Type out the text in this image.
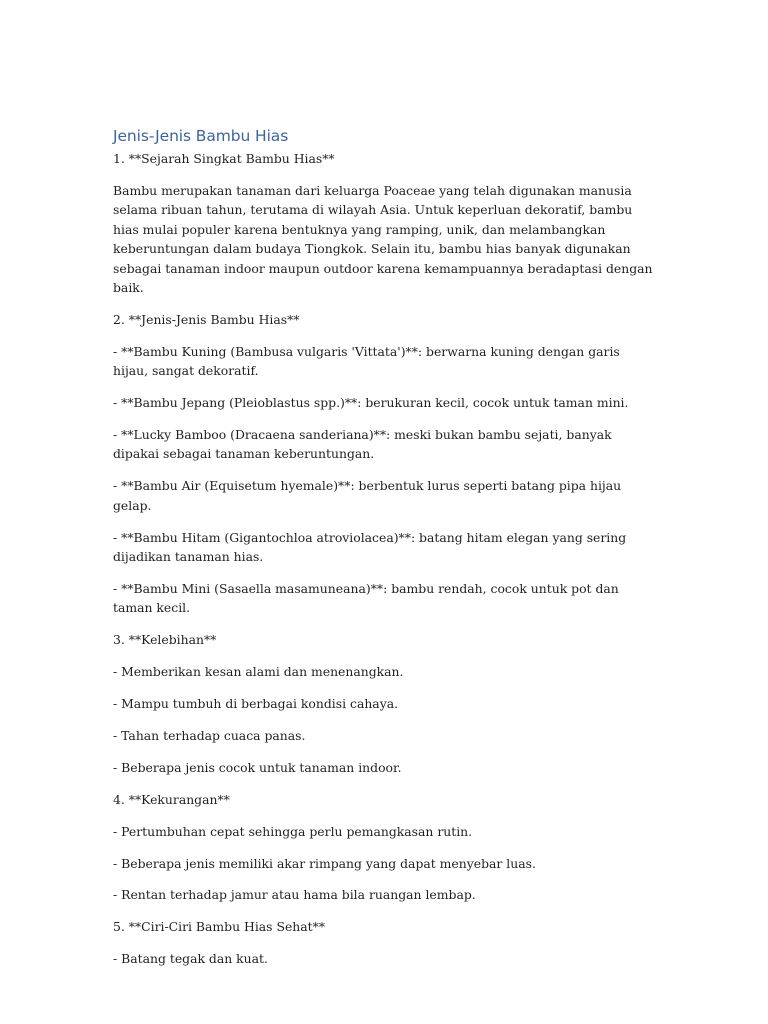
Jenis-Jenis Bambu Hias

1. **Sejarah Singkat Bambu Hias**

Bambu merupakan tanaman dari keluarga Poaceae yang telah digunakan manusia selama ribuan tahun, terutama di wilayah Asia. Untuk keperluan dekoratif, bambu hias mulai populer karena bentuknya yang ramping, unik, dan melambangkan keberuntungan dalam budaya Tiongkok. Selain itu, bambu hias banyak digunakan sebagai tanaman indoor maupun outdoor karena kemampuannya beradaptasi dengan baik.

2. **Jenis-Jenis Bambu Hias**

- **Bambu Kuning (Bambusa vulgaris 'Vittata')**: berwarna kuning dengan garis hijau, sangat dekoratif.

- **Bambu Jepang (Pleioblastus spp.)**: berukuran kecil, cocok untuk taman mini.

- **Lucky Bamboo (Dracaena sanderiana)**: meski bukan bambu sejati, banyak dipakai sebagai tanaman keberuntungan.

- **Bambu Air (Equisetum hyemale)**: berbentuk lurus seperti batang pipa hijau gelap.

- **Bambu Hitam (Gigantochloa atroviolacea)**: batang hitam elegan yang sering dijadikan tanaman hias.

- **Bambu Mini (Sasaella masamuneana)**: bambu rendah, cocok untuk pot dan taman kecil.

3. **Kelebihan**

- Memberikan kesan alami dan menenangkan.

- Mampu tumbuh di berbagai kondisi cahaya.

- Tahan terhadap cuaca panas.

- Beberapa jenis cocok untuk tanaman indoor.

4. **Kekurangan**

- Pertumbuhan cepat sehingga perlu pemangkasan rutin.

- Beberapa jenis memiliki akar rimpang yang dapat menyebar luas.

- Rentan terhadap jamur atau hama bila ruangan lembap.

5. **Ciri-Ciri Bambu Hias Sehat**

- Batang tegak dan kuat.
